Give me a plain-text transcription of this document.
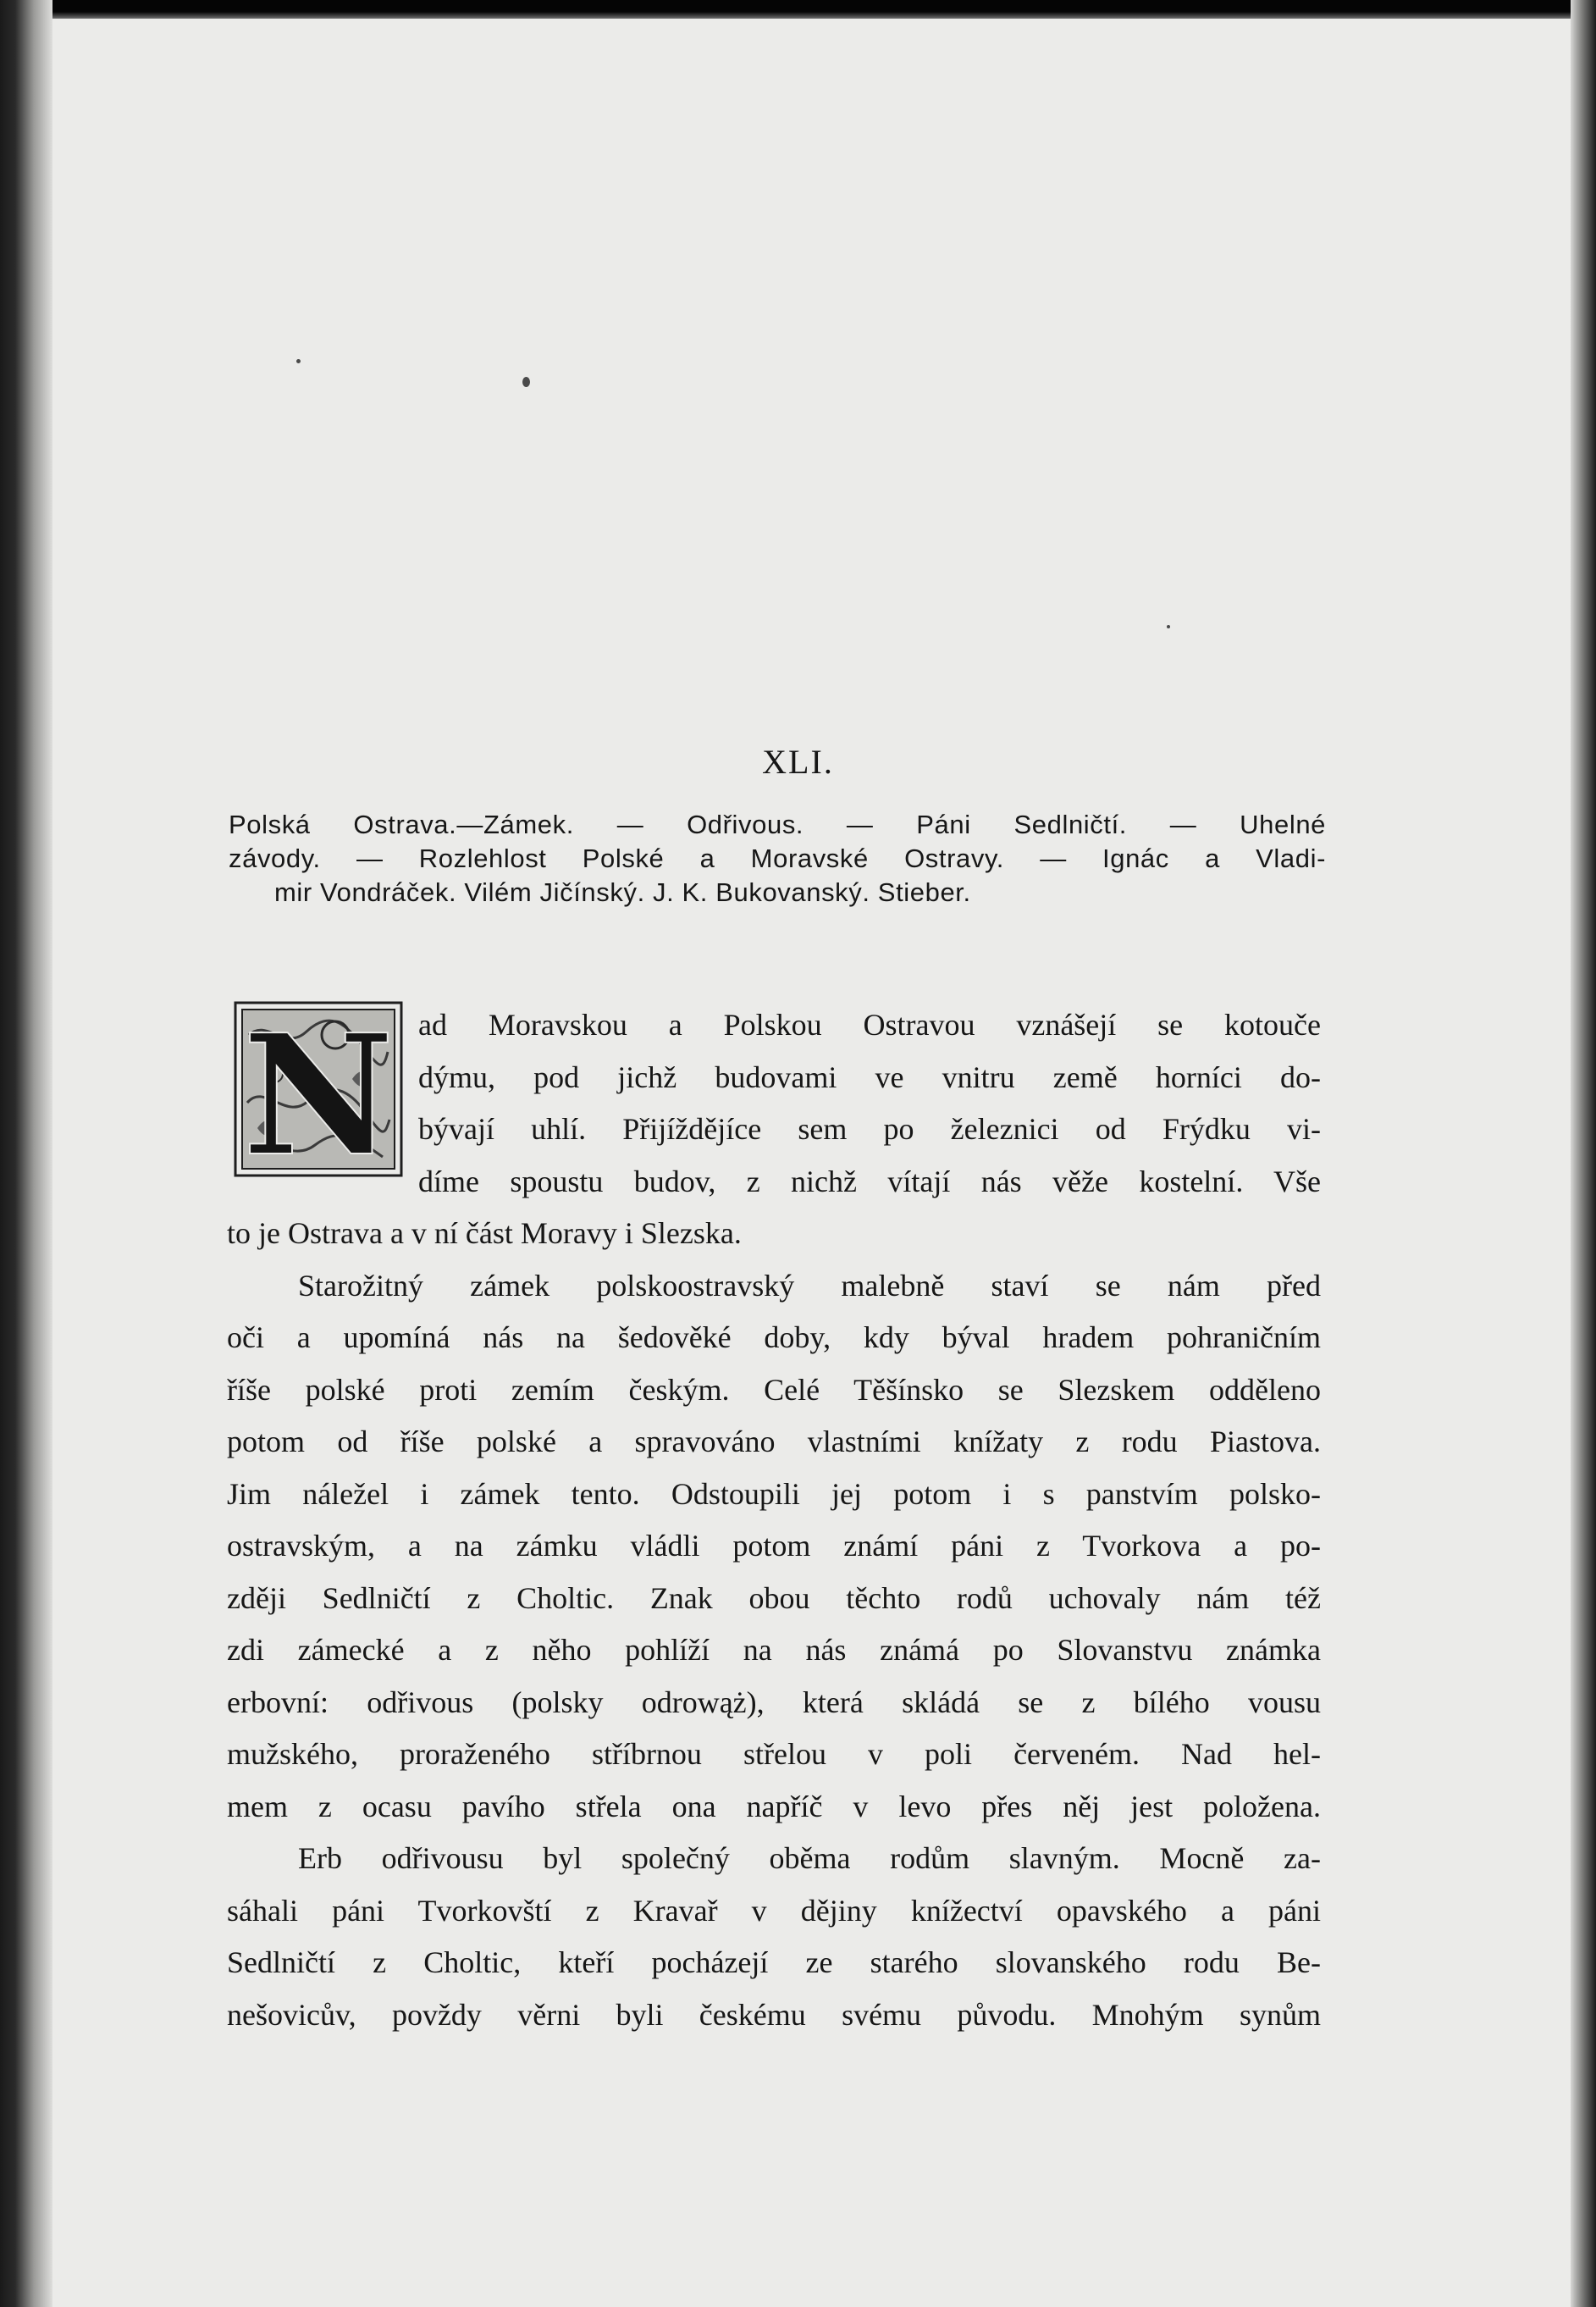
XLI.
Polská Ostrava.—Zámek. — Odřivous. — Páni Sedlničtí. — Uhelné
závody. — Rozlehlost Polské a Moravské Ostravy. — Ignác a Vladi-
mir Vondráček. Vilém Jičínský. J. K. Bukovanský. Stieber.
N ad Moravskou a Polskou Ostravou vznášejí se kotouče
dýmu, pod jichž budovami ve vnitru země horníci do-
bývají uhlí. Přijíždějíce sem po železnici od Frýdku vi-
díme spoustu budov, z nichž vítají nás věže kostelní. Vše
to je Ostrava a v ní část Moravy i Slezska.
Starožitný zámek polskoostravský malebně staví se nám před
oči a upomíná nás na šedověké doby, kdy býval hradem pohraničním
říše polské proti zemím českým. Celé Těšínsko se Slezskem odděleno
potom od říše polské a spravováno vlastními knížaty z rodu Piastova.
Jim náležel i zámek tento. Odstoupili jej potom i s panstvím polsko-
ostravským, a na zámku vládli potom známí páni z Tvorkova a po-
zději Sedlničtí z Choltic. Znak obou těchto rodů uchovaly nám též
zdi zámecké a z něho pohlíží na nás známá po Slovanstvu známka
erbovní: odřivous (polsky odrowąż), která skládá se z bílého vousu
mužského, proraženého stříbrnou střelou v poli červeném. Nad hel-
mem z ocasu pavího střela ona napříč v levo přes něj jest položena.
Erb odřivousu byl společný oběma rodům slavným. Mocně za-
sáhali páni Tvorkovští z Kravař v dějiny knížectví opavského a páni
Sedlničtí z Choltic, kteří pocházejí ze starého slovanského rodu Be-
nešovicův, povždy věrni byli českému svému původu. Mnohým synům
